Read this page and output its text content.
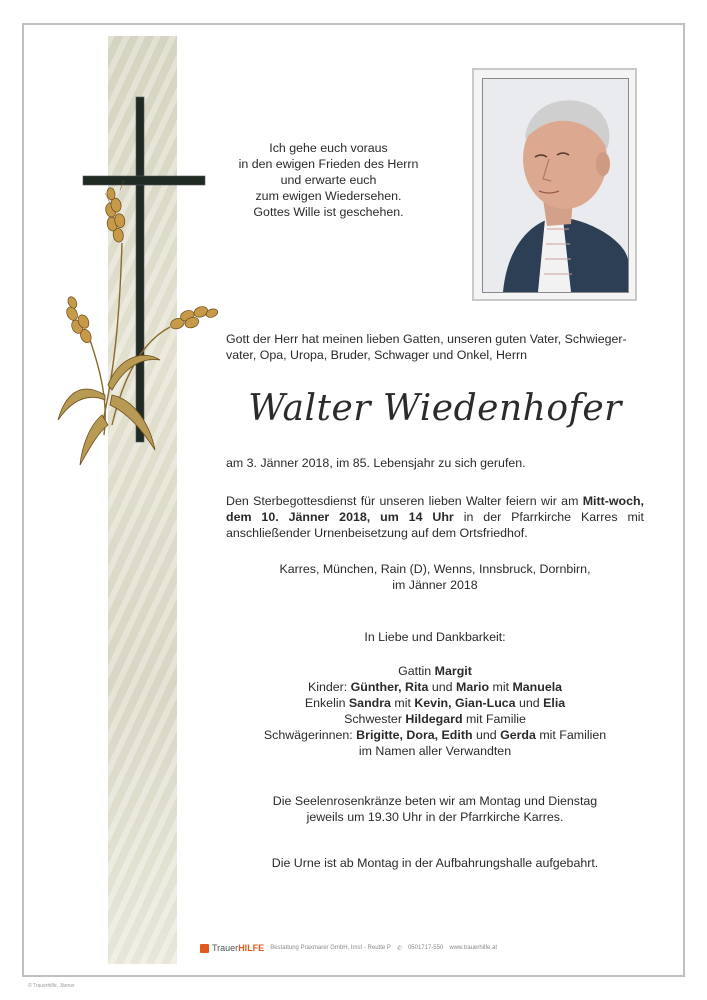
Ich gehe euch voraus
in den ewigen Frieden des Herrn
und erwarte euch
zum ewigen Wiedersehen.
Gottes Wille ist geschehen.
Gott der Herr hat meinen lieben Gatten, unseren guten Vater, Schwieger-
vater, Opa, Uropa, Bruder, Schwager und Onkel, Herrn
Walter Wiedenhofer
am 3. Jänner 2018, im 85. Lebensjahr zu sich gerufen.
Den Sterbegottesdienst für unseren lieben Walter feiern wir am Mitt-woch, dem 10. Jänner 2018, um 14 Uhr in der Pfarrkirche Karres mit anschließender Urnenbeisetzung auf dem Ortsfriedhof.
Karres, München, Rain (D), Wenns, Innsbruck, Dornbirn,
im Jänner 2018
In Liebe und Dankbarkeit:
Gattin Margit
Kinder: Günther, Rita und Mario mit Manuela
Enkelin Sandra mit Kevin, Gian-Luca und Elia
Schwester Hildegard mit Familie
Schwägerinnen: Brigitte, Dora, Edith und Gerda mit Familien
im Namen aller Verwandten
Die Seelenrosenkränze beten wir am Montag und Dienstag
jeweils um 19.30 Uhr in der Pfarrkirche Karres.
Die Urne ist ab Montag in der Aufbahrungshalle aufgebahrt.
TrauerHILFE Bestattung Praxmarer GmbH, Imst - Reutte P ✆ 0501717-550 www.trauerhilfe.at
© Trauerhilfe, Jänner
